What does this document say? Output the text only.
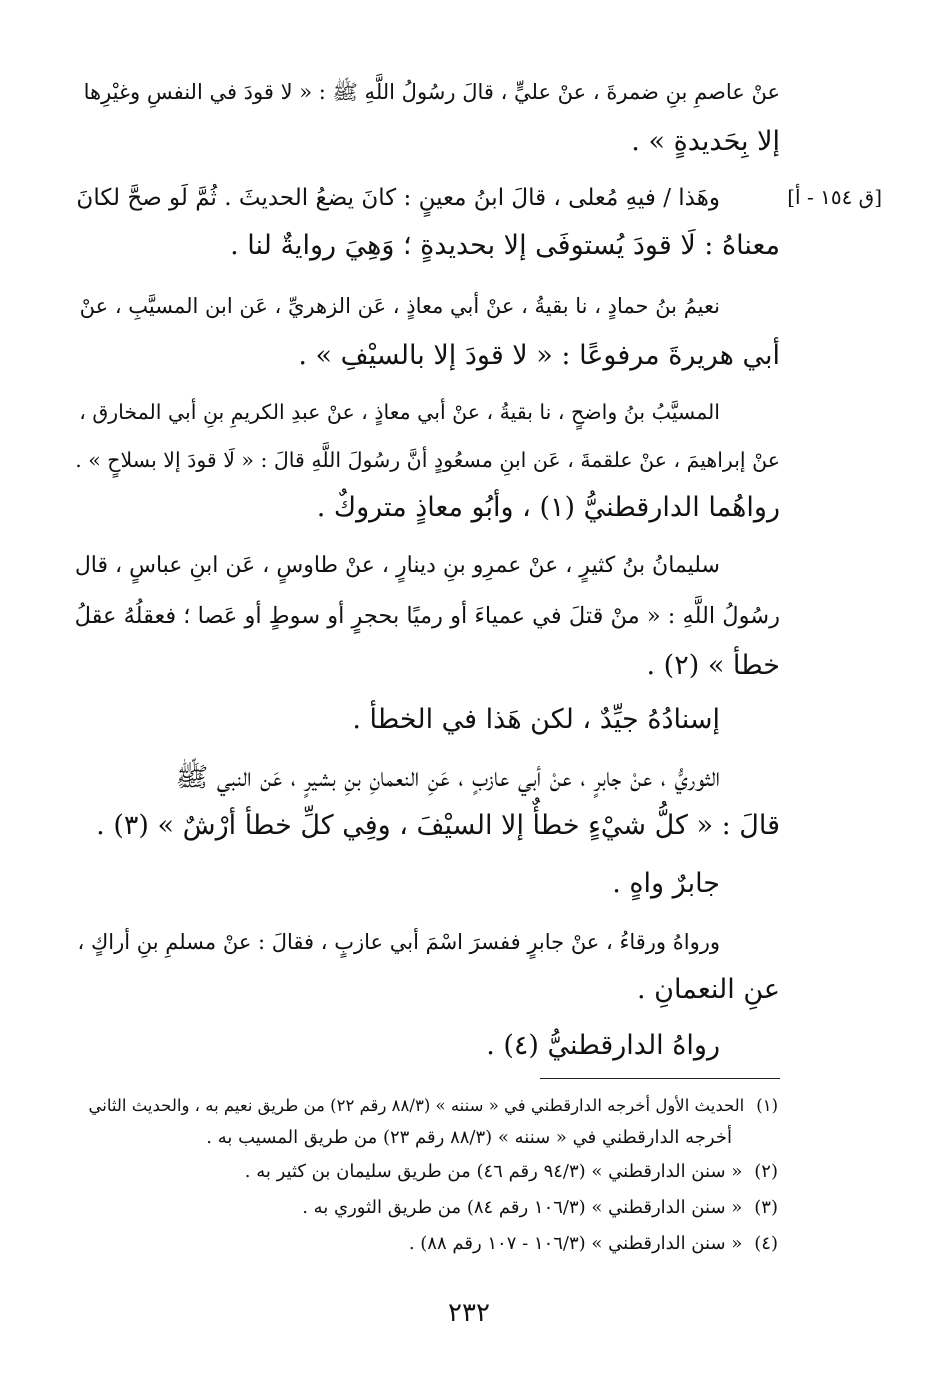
[ق ١٥٤ - أ]
عنْ عاصمِ بنِ ضمرةَ ، عنْ عليٍّ ، قالَ رسُولُ اللَّهِ ﷺ : « لا قودَ في النفسِ وغيْرِها
إلا بِحَديدةٍ » .
وهَذا / فيهِ مُعلى ، قالَ ابنُ معينٍ : كانَ يضعُ الحديثَ . ثُمَّ لَو صحَّ لكانَ
معناهُ : لَا قودَ يُستوفَى إلا بحديدةٍ ؛ وَهِيَ روايةٌ لنا .
نعيمُ بنُ حمادٍ ، نا بقيةُ ، عنْ أبي معاذٍ ، عَن الزهريِّ ، عَن ابن المسيَّبِ ، عنْ
أبي هريرةَ مرفوعًا : « لا قودَ إلا بالسيْفِ » .
المسيَّبُ بنُ واضحٍ ، نا بقيةُ ، عنْ أبي معاذٍ ، عنْ عبدِ الكريمِ بنِ أبي المخارق ،
عنْ إبراهيمَ ، عنْ علقمةَ ، عَن ابنِ مسعُودٍ أنَّ رسُولَ اللَّهِ قالَ : « لَا قودَ إلا بسلاحٍ » .
رواهُما الدارقطنيُّ (١) ، وأبُو معاذٍ متروكٌ .
سليمانُ بنُ كثيرٍ ، عنْ عمرِو بنِ دينارٍ ، عنْ طاوسٍ ، عَن ابنِ عباسٍ ، قال
رسُولُ اللَّهِ : « منْ قتلَ في عمياءَ أو رميًا بحجرٍ أو سوطٍ أو عَصا ؛ فعقلُهُ عقلُ
خطأ » (٢) .
إسنادُهُ جيِّدٌ ، لكن هَذا في الخطأ .
الثوريُّ ، عنْ جابرٍ ، عنْ أبي عازبٍ ، عَنِ النعمانِ بنِ بشيرٍ ، عَن النبي ﷺ
قالَ : « كلُّ شيْءٍ خطأٌ إلا السيْفَ ، وفِي كلِّ خطأ أرْشٌ » (٣) .
جابرٌ واهٍ .
ورواهُ ورقاءُ ، عنْ جابرٍ ففسرَ اسْمَ أبي عازبٍ ، فقالَ : عنْ مسلمِ بنِ أراكٍ ،
عنِ النعمانِ .
رواهُ الدارقطنيُّ (٤) .
(١)الحديث الأول أخرجه الدارقطني في « سننه » (٨٨/٣ رقم ٢٢) من طريق نعيم به ، والحديث الثاني
أخرجه الدارقطني في « سننه » (٨٨/٣ رقم ٢٣) من طريق المسيب به .
(٢)« سنن الدارقطني » (٩٤/٣ رقم ٤٦) من طريق سليمان بن كثير به .
(٣)« سنن الدارقطني » (١٠٦/٣ رقم ٨٤) من طريق الثوري به .
(٤)« سنن الدارقطني » (١٠٦/٣ - ١٠٧ رقم ٨٨) .
٢٣٢
